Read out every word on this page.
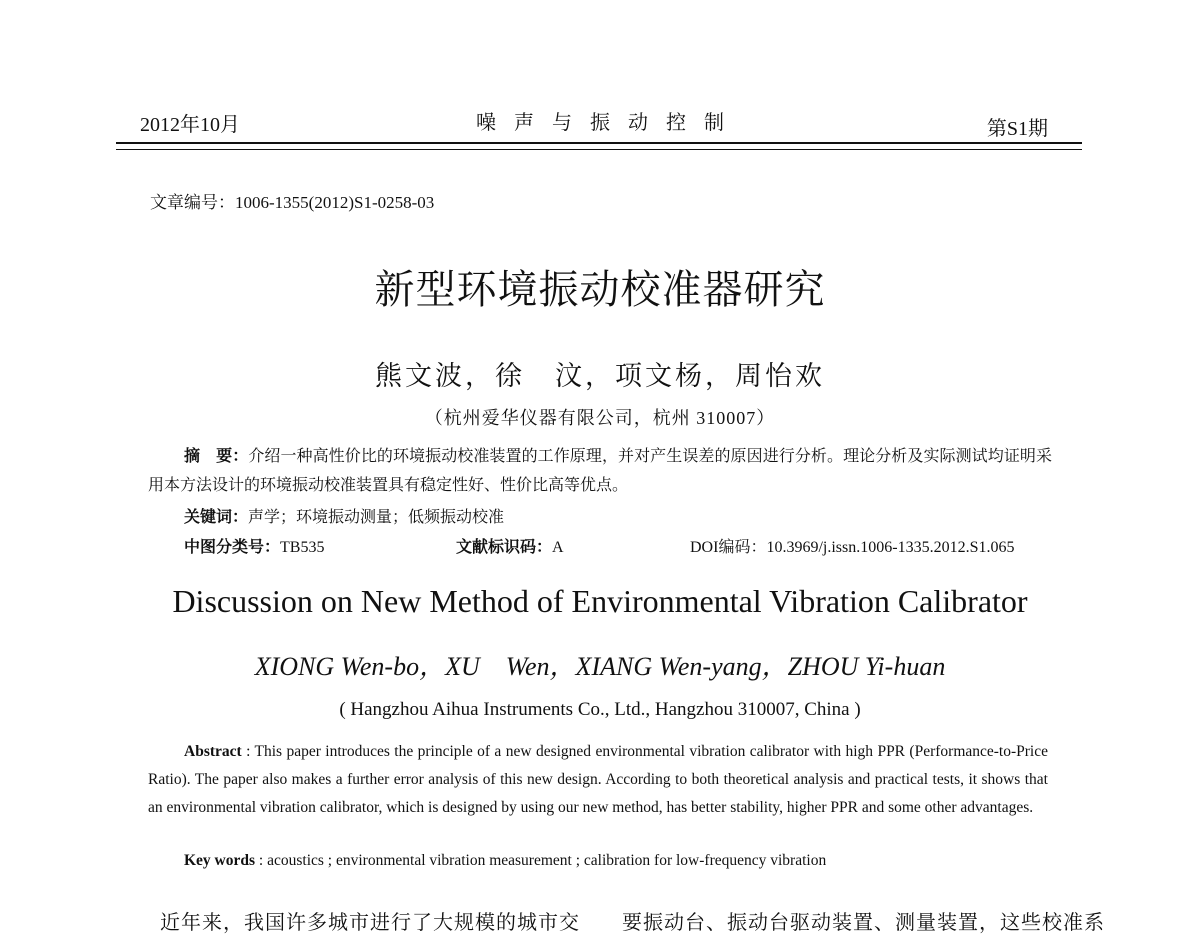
2012年10月	噪声与振动控制	第S1期
文章编号：1006-1355(2012)S1-0258-03
新型环境振动校准器研究
熊文波，徐　汶，项文杨，周怡欢
（杭州爱华仪器有限公司，杭州 310007）
摘　要：介绍一种高性价比的环境振动校准装置的工作原理，并对产生误差的原因进行分析。理论分析及实际测试均证明采用本方法设计的环境振动校准装置具有稳定性好、性价比高等优点。
关键词：声学；环境振动测量；低频振动校准
中图分类号：TB535	文献标识码：A	DOI编码：10.3969/j.issn.1006-1335.2012.S1.065
Discussion on New Method of Environmental Vibration Calibrator
XIONG Wen-bo，XU　Wen，XIANG Wen-yang，ZHOU Yi-huan
( Hangzhou Aihua Instruments Co., Ltd., Hangzhou 310007, China )
Abstract : This paper introduces the principle of a new designed environmental vibration calibrator with high PPR (Performance-to-Price Ratio). The paper also makes a further error analysis of this new design. According to both theoretical analysis and practical tests, it shows that an environmental vibration calibrator, which is designed by using our new method, has better stability, higher PPR and some other advantages.
Key words : acoustics ; environmental vibration measurement ; calibration for low-frequency vibration
近年来，我国许多城市进行了大规模的城市交 要振动台、振动台驱动装置、测量装置，这些校准系
